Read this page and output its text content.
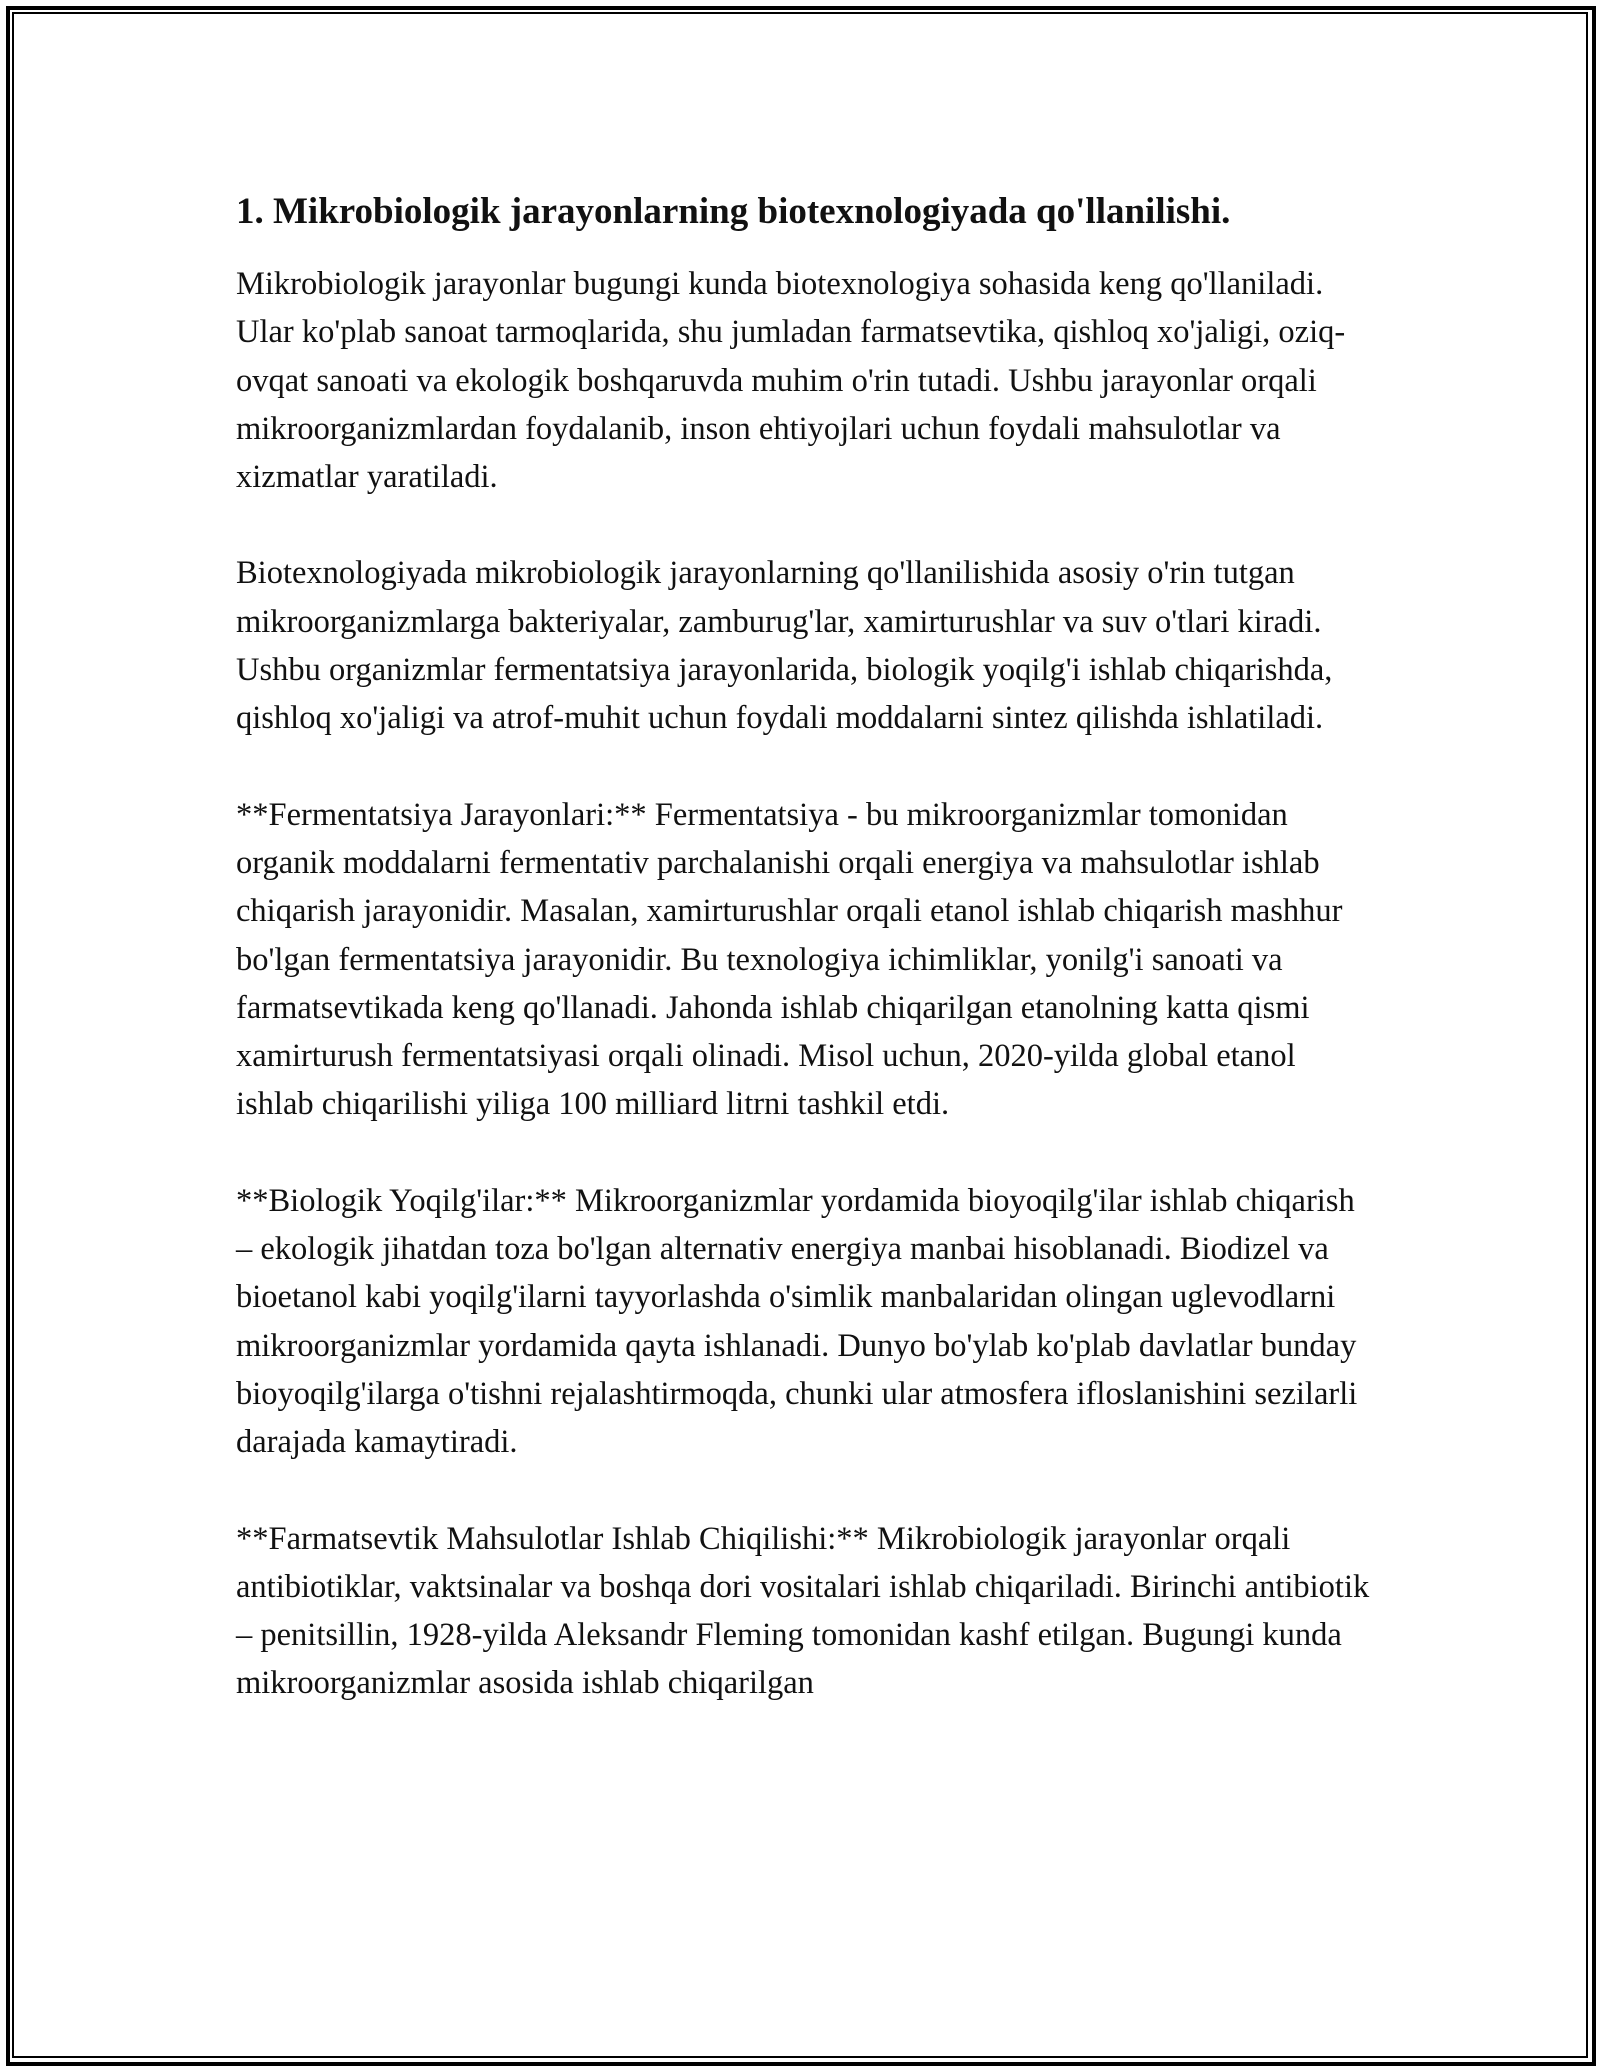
1. Mikrobiologik jarayonlarning biotexnologiyada qo'llanilishi.

Mikrobiologik jarayonlar bugungi kunda biotexnologiya sohasida keng qo'llaniladi. Ular ko'plab sanoat tarmoqlarida, shu jumladan farmatsevtika, qishloq xo'jaligi, oziq-ovqat sanoati va ekologik boshqaruvda muhim o'rin tutadi. Ushbu jarayonlar orqali mikroorganizmlardan foydalanib, inson ehtiyojlari uchun foydali mahsulotlar va xizmatlar yaratiladi.

Biotexnologiyada mikrobiologik jarayonlarning qo'llanilishida asosiy o'rin tutgan mikroorganizmlarga bakteriyalar, zamburug'lar, xamirturushlar va suv o'tlari kiradi. Ushbu organizmlar fermentatsiya jarayonlarida, biologik yoqilg'i ishlab chiqarishda, qishloq xo'jaligi va atrof-muhit uchun foydali moddalarni sintez qilishda ishlatiladi.

**Fermentatsiya Jarayonlari:** Fermentatsiya - bu mikroorganizmlar tomonidan organik moddalarni fermentativ parchalanishi orqali energiya va mahsulotlar ishlab chiqarish jarayonidir. Masalan, xamirturushlar orqali etanol ishlab chiqarish mashhur bo'lgan fermentatsiya jarayonidir. Bu texnologiya ichimliklar, yonilg'i sanoati va farmatsevtikada keng qo'llanadi. Jahonda ishlab chiqarilgan etanolning katta qismi xamirturush fermentatsiyasi orqali olinadi. Misol uchun, 2020-yilda global etanol ishlab chiqarilishi yiliga 100 milliard litrni tashkil etdi.

**Biologik Yoqilg'ilar:** Mikroorganizmlar yordamida bioyoqilg'ilar ishlab chiqarish – ekologik jihatdan toza bo'lgan alternativ energiya manbai hisoblanadi. Biodizel va bioetanol kabi yoqilg'ilarni tayyorlashda o'simlik manbalaridan olingan uglevodlarni mikroorganizmlar yordamida qayta ishlanadi. Dunyo bo'ylab ko'plab davlatlar bunday bioyoqilg'ilarga o'tishni rejalashtirmoqda, chunki ular atmosfera ifloslanishini sezilarli darajada kamaytiradi.

**Farmatsevtik Mahsulotlar Ishlab Chiqilishi:** Mikrobiologik jarayonlar orqali antibiotiklar, vaktsinalar va boshqa dori vositalari ishlab chiqariladi. Birinchi antibiotik – penitsillin, 1928-yilda Aleksandr Fleming tomonidan kashf etilgan. Bugungi kunda mikroorganizmlar asosida ishlab chiqarilgan
